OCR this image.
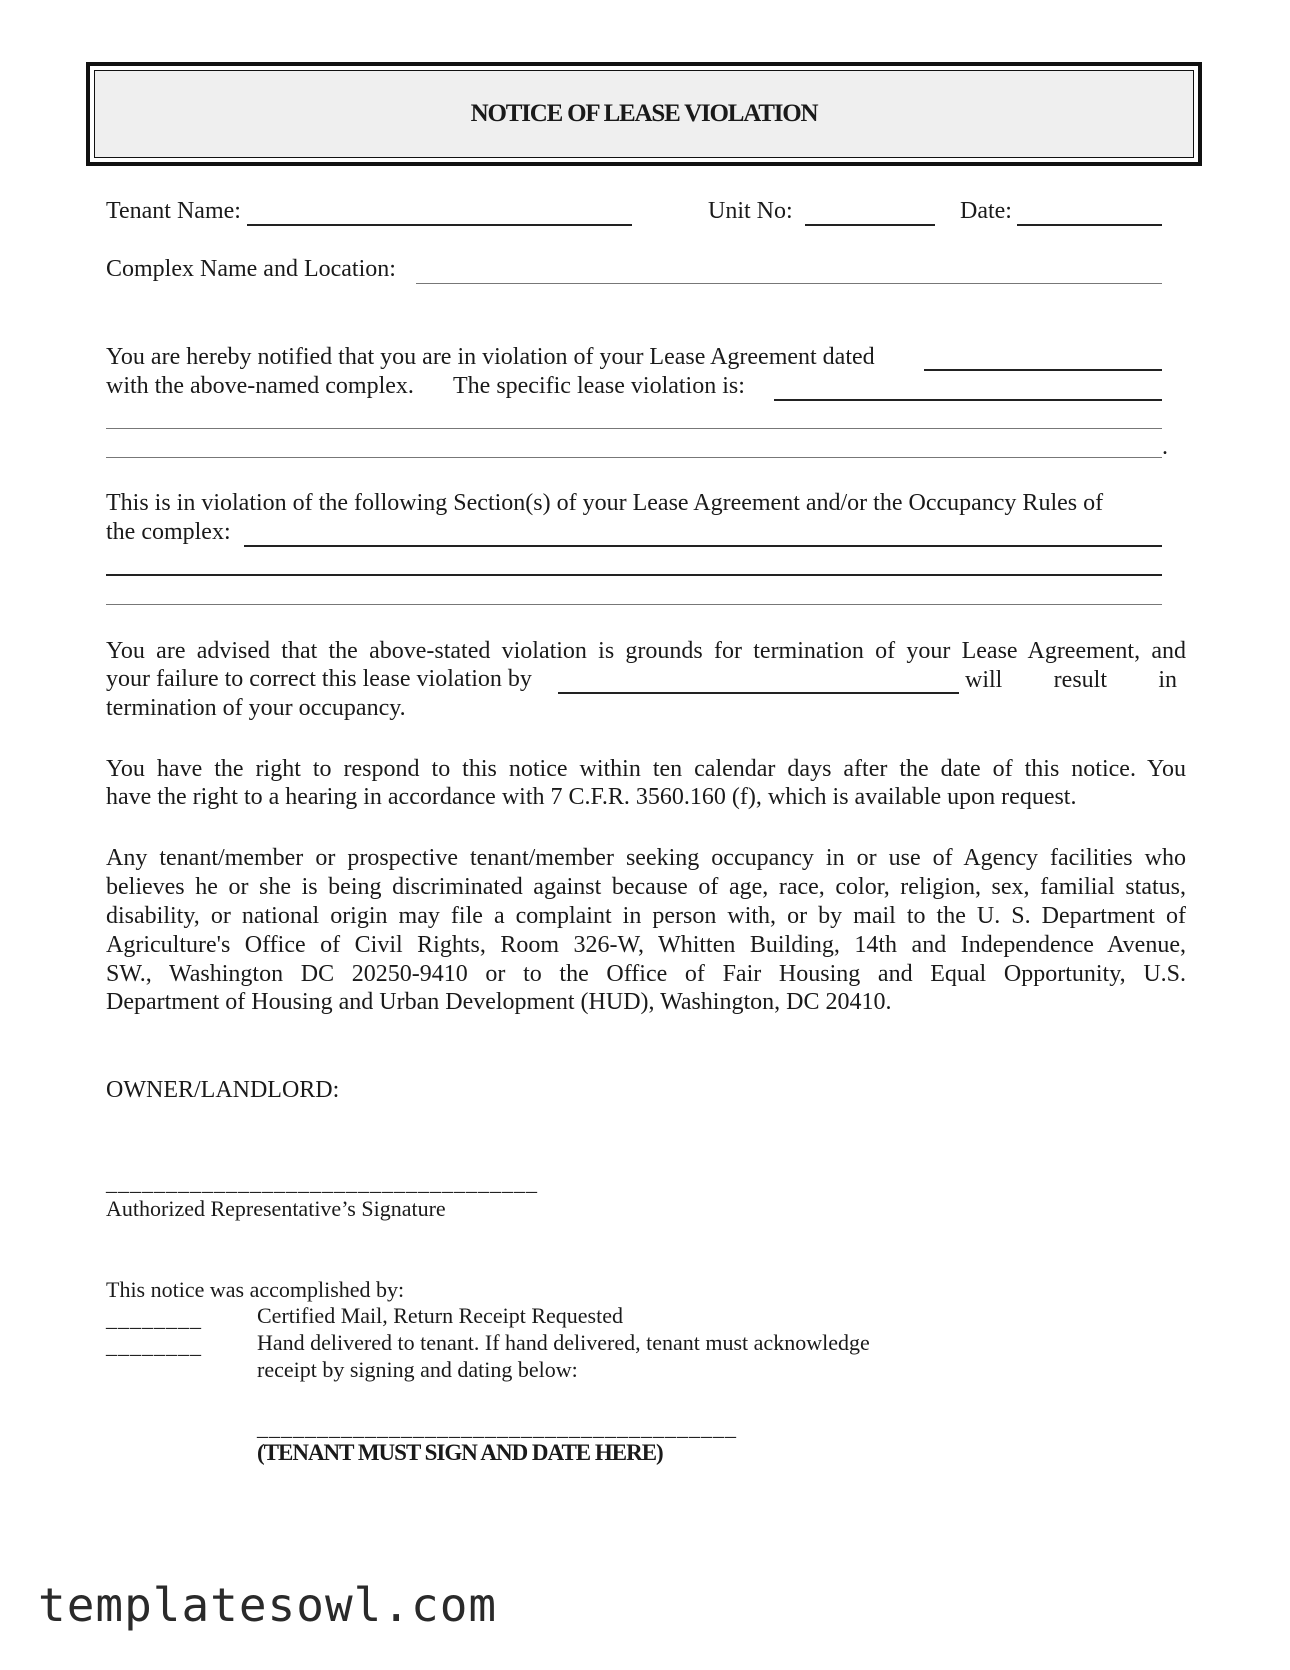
NOTICE OF LEASE VIOLATION
Tenant Name:	Unit No:	Date:
Complex Name and Location:
You are hereby notified that you are in violation of your Lease Agreement dated
with the above-named complex. The specific lease violation is:
.
This is in violation of the following Section(s) of your Lease Agreement and/or the Occupancy Rules of
the complex:
You are advised that the above-stated violation is grounds for termination of your Lease Agreement, and
your failure to correct this lease violation by	will result in
termination of your occupancy.
You have the right to respond to this notice within ten calendar days after the date of this notice. You
have the right to a hearing in accordance with 7 C.F.R. 3560.160 (f), which is available upon request.
Any tenant/member or prospective tenant/member seeking occupancy in or use of Agency facilities who
believes he or she is being discriminated against because of age, race, color, religion, sex, familial status,
disability, or national origin may file a complaint in person with, or by mail to the U. S. Department of
Agriculture's Office of Civil Rights, Room 326-W, Whitten Building, 14th and Independence Avenue,
SW., Washington DC 20250-9410 or to the Office of Fair Housing and Equal Opportunity, U.S.
Department of Housing and Urban Development (HUD), Washington, DC 20410.
OWNER/LANDLORD:
____________________________________
Authorized Representative’s Signature
This notice was accomplished by:
________	Certified Mail, Return Receipt Requested
________	Hand delivered to tenant. If hand delivered, tenant must acknowledge
receipt by signing and dating below:
________________________________________
(TENANT MUST SIGN AND DATE HERE)
templatesowl.com
